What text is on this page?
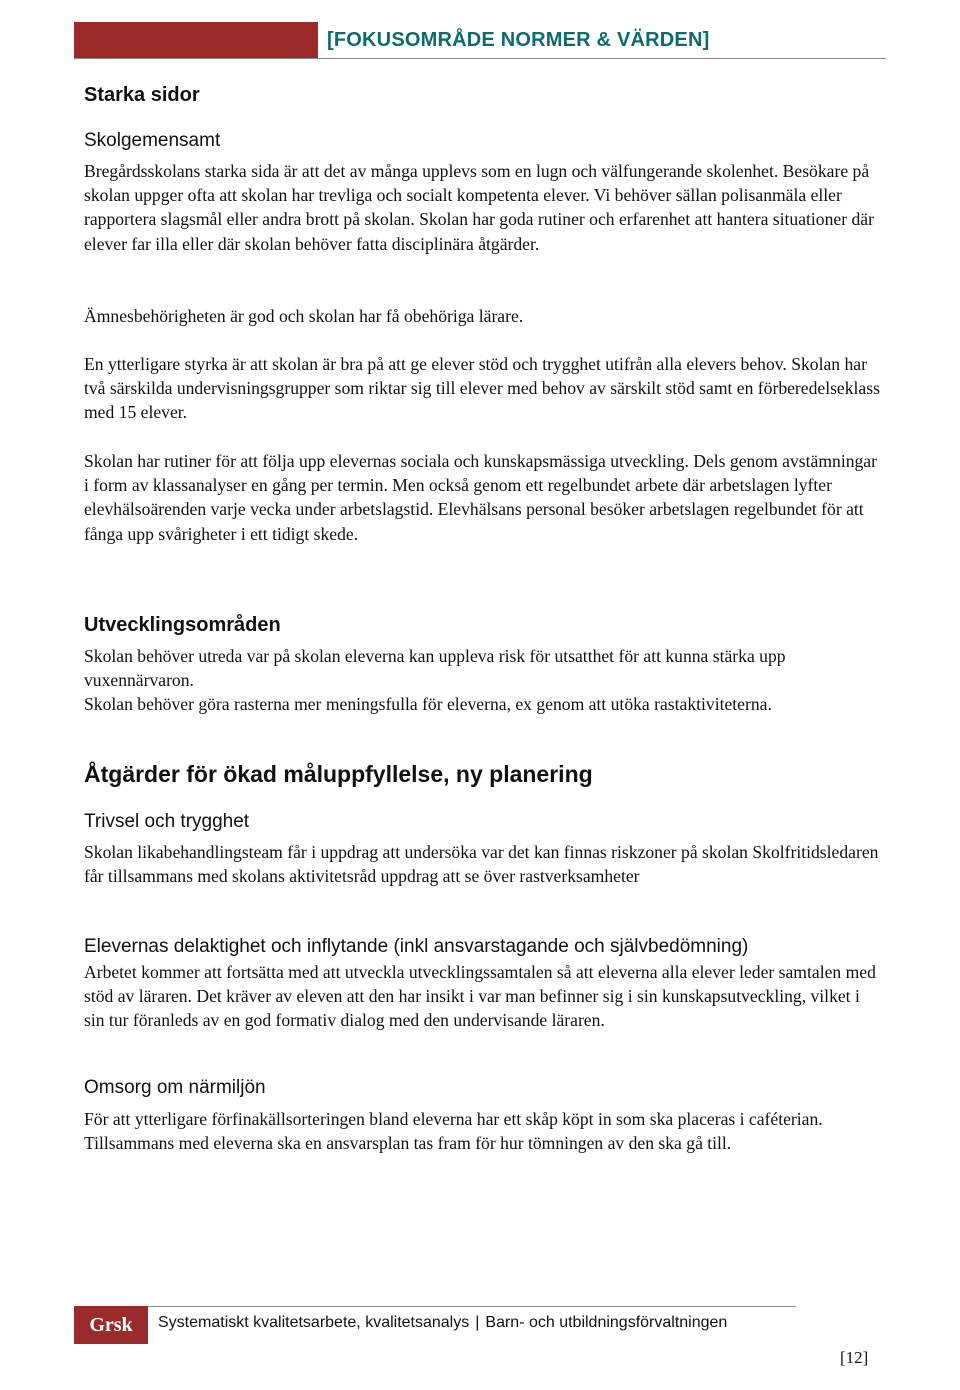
[FOKUSOMRÅDE NORMER & VÄRDEN]
Starka sidor
Skolgemensamt

Bregårdsskolans starka sida är att det av många upplevs som en lugn och välfungerande skolenhet. Besökare på skolan uppger ofta att skolan har trevliga och socialt kompetenta elever. Vi behöver sällan polisanmäla eller rapportera slagsmål eller andra brott på skolan. Skolan har goda rutiner och erfarenhet att hantera situationer där elever far illa eller där skolan behöver fatta disciplinära åtgärder.

Ämnesbehörigheten är god och skolan har få obehöriga lärare.

En ytterligare styrka är att skolan är bra på att ge elever stöd och trygghet utifrån alla elevers behov. Skolan har två särskilda undervisningsgrupper som riktar sig till elever med behov av särskilt stöd samt en förberedelseklass med 15 elever.

Skolan har rutiner för att följa upp elevernas sociala och kunskapsmässiga utveckling. Dels genom avstämningar i form av klassanalyser en gång per termin. Men också genom ett regelbundet arbete där arbetslagen lyfter elevhälsoärenden varje vecka under arbetslagstid. Elevhälsans personal besöker arbetslagen regelbundet för att fånga upp svårigheter i ett tidigt skede.

Utvecklingsområden

Skolan behöver utreda var på skolan eleverna kan uppleva risk för utsatthet för att kunna stärka upp vuxennärvaron.

Skolan behöver göra rasterna mer meningsfulla för eleverna, ex genom att utöka rastaktiviteterna.

Åtgärder för ökad måluppfyllelse, ny planering
Trivsel och trygghet

Skolan likabehandlingsteam får i uppdrag att undersöka var det kan finnas riskzoner på skolan Skolfritidsledaren får tillsammans med skolans aktivitetsråd uppdrag att se över rastverksamheter

Elevernas delaktighet och inflytande (inkl ansvarstagande och självbedömning)

Arbetet kommer att fortsätta med att utveckla utvecklingssamtalen så att eleverna alla elever leder samtalen med stöd av läraren. Det kräver av eleven att den har insikt i var man befinner sig i sin kunskapsutveckling, vilket i sin tur föranleds av en god formativ dialog med den undervisande läraren.

Omsorg om närmiljön

För att ytterligare förfinakällsorteringen bland eleverna har ett skåp köpt in som ska placeras i caféterian. Tillsammans med eleverna ska en ansvarsplan tas fram för hur tömningen av den ska gå till.

Grsk	Systematiskt kvalitetsarbete, kvalitetsanalys | Barn- och utbildningsförvaltningen
[12]
